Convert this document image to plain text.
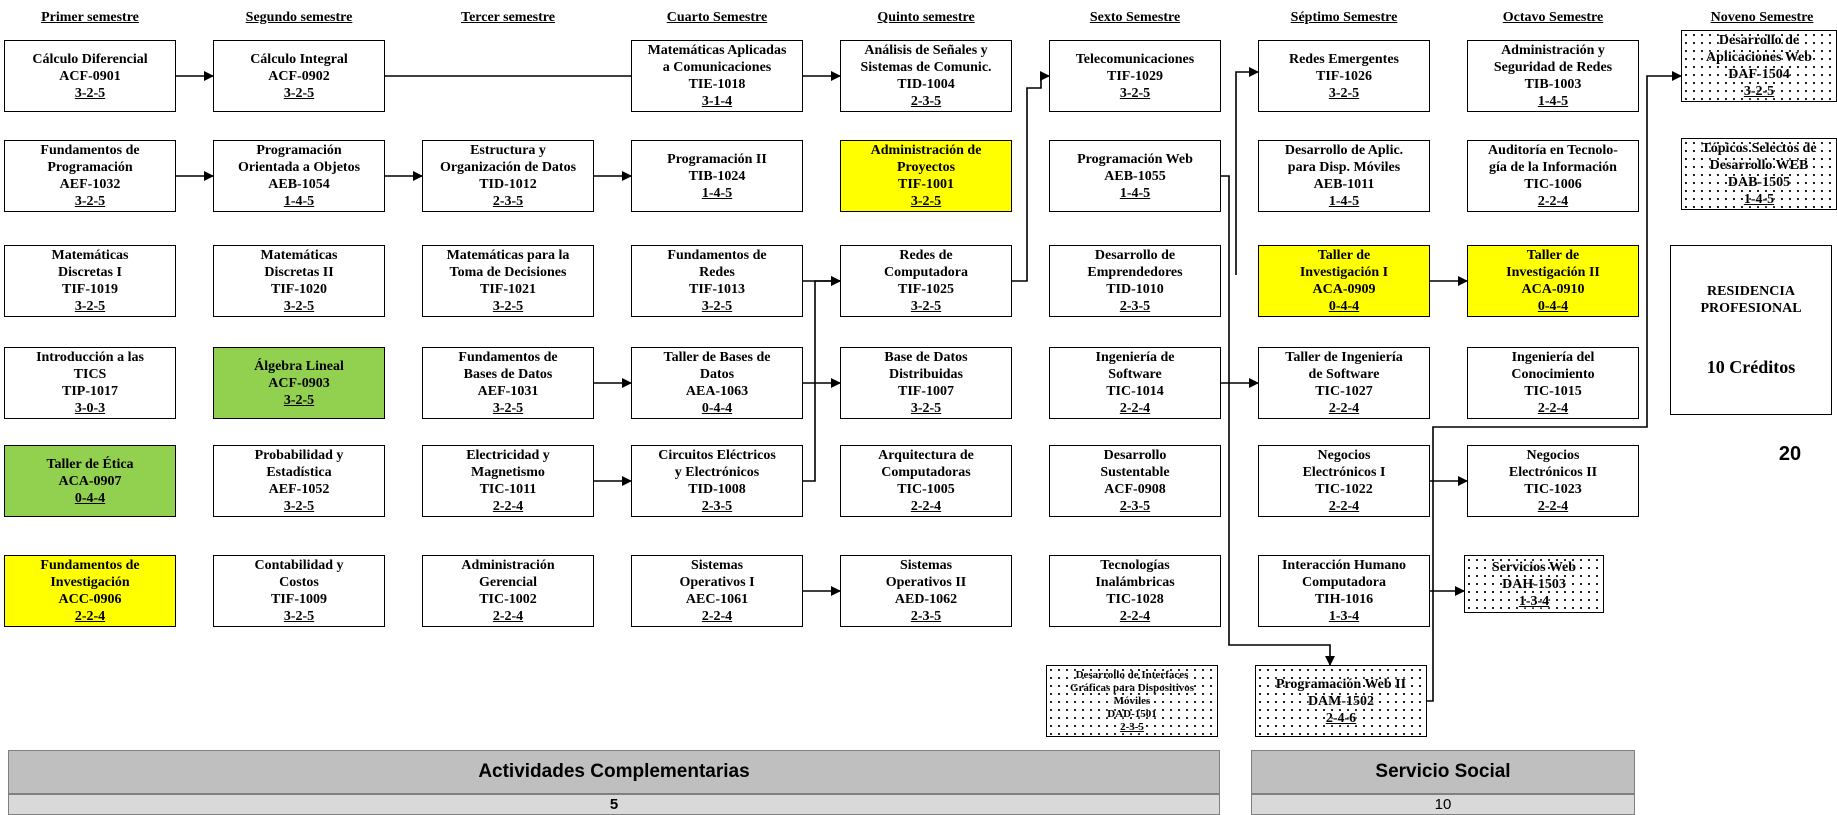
Primer semestre	Segundo semestre	Tercer semestre	Cuarto Semestre	Quinto semestre	Sexto Semestre	Séptimo Semestre	Octavo Semestre	Noveno Semestre
Cálculo Diferencial
ACF-0901
3-2-5
Fundamentos de
Programación
AEF-1032
3-2-5
Matemáticas
Discretas I
TIF-1019
3-2-5
Introducción a las
TICS
TIP-1017
3-0-3
Taller de Ética
ACA-0907
0-4-4
Fundamentos de
Investigación
ACC-0906
2-2-4
Cálculo Integral
ACF-0902
3-2-5
Programación
Orientada a Objetos
AEB-1054
1-4-5
Matemáticas
Discretas II
TIF-1020
3-2-5
Álgebra Lineal
ACF-0903
3-2-5
Probabilidad y
Estadística
AEF-1052
3-2-5
Contabilidad y
Costos
TIF-1009
3-2-5
Estructura y
Organización de Datos
TID-1012
2-3-5
Matemáticas para la
Toma de Decisiones
TIF-1021
3-2-5
Fundamentos de
Bases de Datos
AEF-1031
3-2-5
Electricidad y
Magnetismo
TIC-1011
2-2-4
Administración
Gerencial
TIC-1002
2-2-4
Matemáticas Aplicadas
a Comunicaciones
TIE-1018
3-1-4
Programación II
TIB-1024
1-4-5
Fundamentos de
Redes
TIF-1013
3-2-5
Taller de Bases de
Datos
AEA-1063
0-4-4
Circuitos Eléctricos
y Electrónicos
TID-1008
2-3-5
Sistemas
Operativos I
AEC-1061
2-2-4
Análisis de Señales y
Sistemas de Comunic.
TID-1004
2-3-5
Administración de
Proyectos
TIF-1001
3-2-5
Redes de
Computadora
TIF-1025
3-2-5
Base de Datos
Distribuidas
TIF-1007
3-2-5
Arquitectura de
Computadoras
TIC-1005
2-2-4
Sistemas
Operativos II
AED-1062
2-3-5
Telecomunicaciones
TIF-1029
3-2-5
Programación Web
AEB-1055
1-4-5
Desarrollo de
Emprendedores
TID-1010
2-3-5
Ingeniería de
Software
TIC-1014
2-2-4
Desarrollo
Sustentable
ACF-0908
2-3-5
Tecnologías
Inalámbricas
TIC-1028
2-2-4
Desarrollo de Interfaces
Gráficas para Dispositivos
Móviles
DAD-1501
2-3-5
Redes Emergentes
TIF-1026
3-2-5
Desarrollo de Aplic.
para Disp. Móviles
AEB-1011
1-4-5
Taller de
Investigación I
ACA-0909
0-4-4
Taller de Ingeniería
de Software
TIC-1027
2-2-4
Negocios
Electrónicos I
TIC-1022
2-2-4
Interacción Humano
Computadora
TIH-1016
1-3-4
Programación Web II
DAM-1502
2-4-6
Administración y
Seguridad de Redes
TIB-1003
1-4-5
Auditoría en Tecnolo-
gía de la Información
TIC-1006
2-2-4
Taller de
Investigación II
ACA-0910
0-4-4
Ingeniería del
Conocimiento
TIC-1015
2-2-4
Negocios
Electrónicos II
TIC-1023
2-2-4
Servicios Web
DAH-1503
1-3-4
Desarrollo de
Aplicaciones Web
DAF-1504
3-2-5
Tópicos Selectos de
Desarrollo WEB
DAB-1505
1-4-5
RESIDENCIA
PROFESIONAL
10 Créditos
20
Actividades Complementarias
5
Servicio Social
10
